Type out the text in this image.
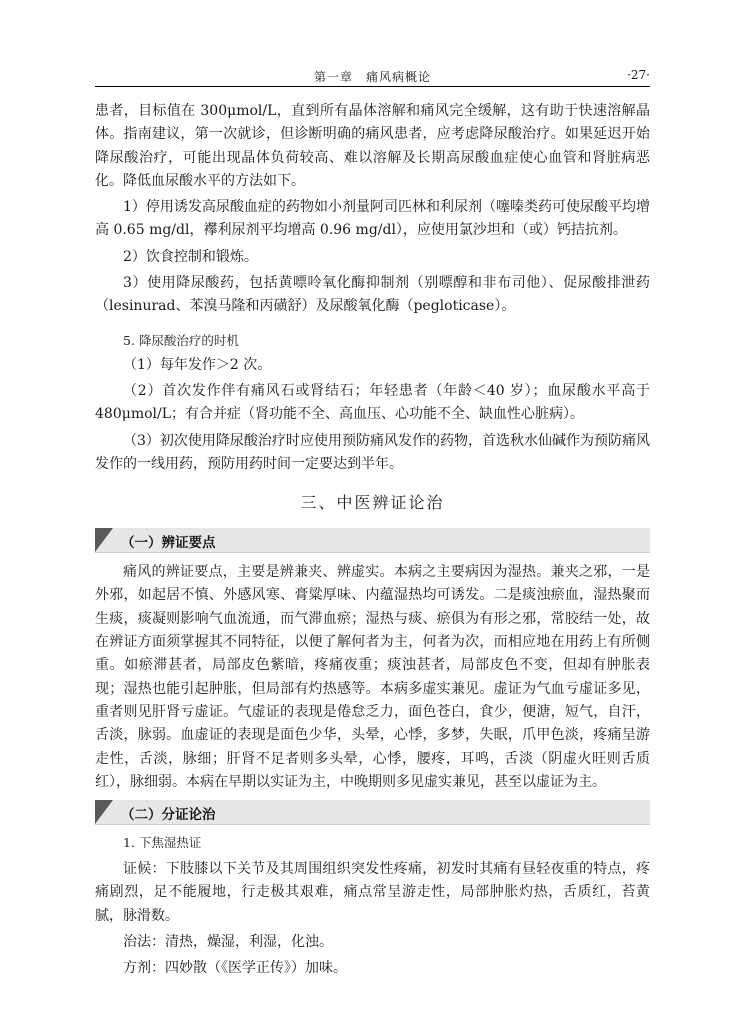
第一章　痛风病概论	·27·

患者，目标值在 300μmol/L，直到所有晶体溶解和痛风完全缓解，这有助于快速溶解晶体。指南建议，第一次就诊，但诊断明确的痛风患者，应考虑降尿酸治疗。如果延迟开始降尿酸治疗，可能出现晶体负荷较高、难以溶解及长期高尿酸血症使心血管和肾脏病恶化。降低血尿酸水平的方法如下。

1）停用诱发高尿酸血症的药物如小剂量阿司匹林和利尿剂（噻嗪类药可使尿酸平均增高 0.65 mg/dl，襻利尿剂平均增高 0.96 mg/dl），应使用氯沙坦和（或）钙拮抗剂。

2）饮食控制和锻炼。

3）使用降尿酸药，包括黄嘌呤氧化酶抑制剂（别嘌醇和非布司他）、促尿酸排泄药（lesinurad、苯溴马隆和丙磺舒）及尿酸氧化酶（pegloticase）。

5. 降尿酸治疗的时机

（1）每年发作＞2 次。

（2）首次发作伴有痛风石或肾结石；年轻患者（年龄＜40 岁）；血尿酸水平高于 480μmol/L；有合并症（肾功能不全、高血压、心功能不全、缺血性心脏病）。

（3）初次使用降尿酸治疗时应使用预防痛风发作的药物，首选秋水仙碱作为预防痛风发作的一线用药，预防用药时间一定要达到半年。

三、中医辨证论治
（一）辨证要点

痛风的辨证要点，主要是辨兼夹、辨虚实。本病之主要病因为湿热。兼夹之邪，一是外邪，如起居不慎、外感风寒、膏粱厚味、内蕴湿热均可诱发。二是痰浊瘀血，湿热聚而生痰，痰凝则影响气血流通，而气滞血瘀；湿热与痰、瘀俱为有形之邪，常胶结一处，故在辨证方面须掌握其不同特征，以便了解何者为主，何者为次，而相应地在用药上有所侧重。如瘀滞甚者，局部皮色紫暗，疼痛夜重；痰浊甚者，局部皮色不变，但却有肿胀表现；湿热也能引起肿胀，但局部有灼热感等。本病多虚实兼见。虚证为气血亏虚证多见，重者则见肝肾亏虚证。气虚证的表现是倦怠乏力，面色苍白，食少，便溏，短气，自汗，舌淡，脉弱。血虚证的表现是面色少华，头晕，心悸，多梦，失眠，爪甲色淡，疼痛呈游走性，舌淡，脉细；肝肾不足者则多头晕，心悸，腰疼，耳鸣，舌淡（阴虚火旺则舌质红），脉细弱。本病在早期以实证为主，中晚期则多见虚实兼见，甚至以虚证为主。

（二）分证论治
1. 下焦湿热证

证候：下肢膝以下关节及其周围组织突发性疼痛，初发时其痛有昼轻夜重的特点，疼痛剧烈，足不能履地，行走极其艰难，痛点常呈游走性，局部肿胀灼热，舌质红，苔黄腻，脉滑数。

治法：清热，燥湿，利湿，化浊。

方剂：四妙散（《医学正传》）加味。
